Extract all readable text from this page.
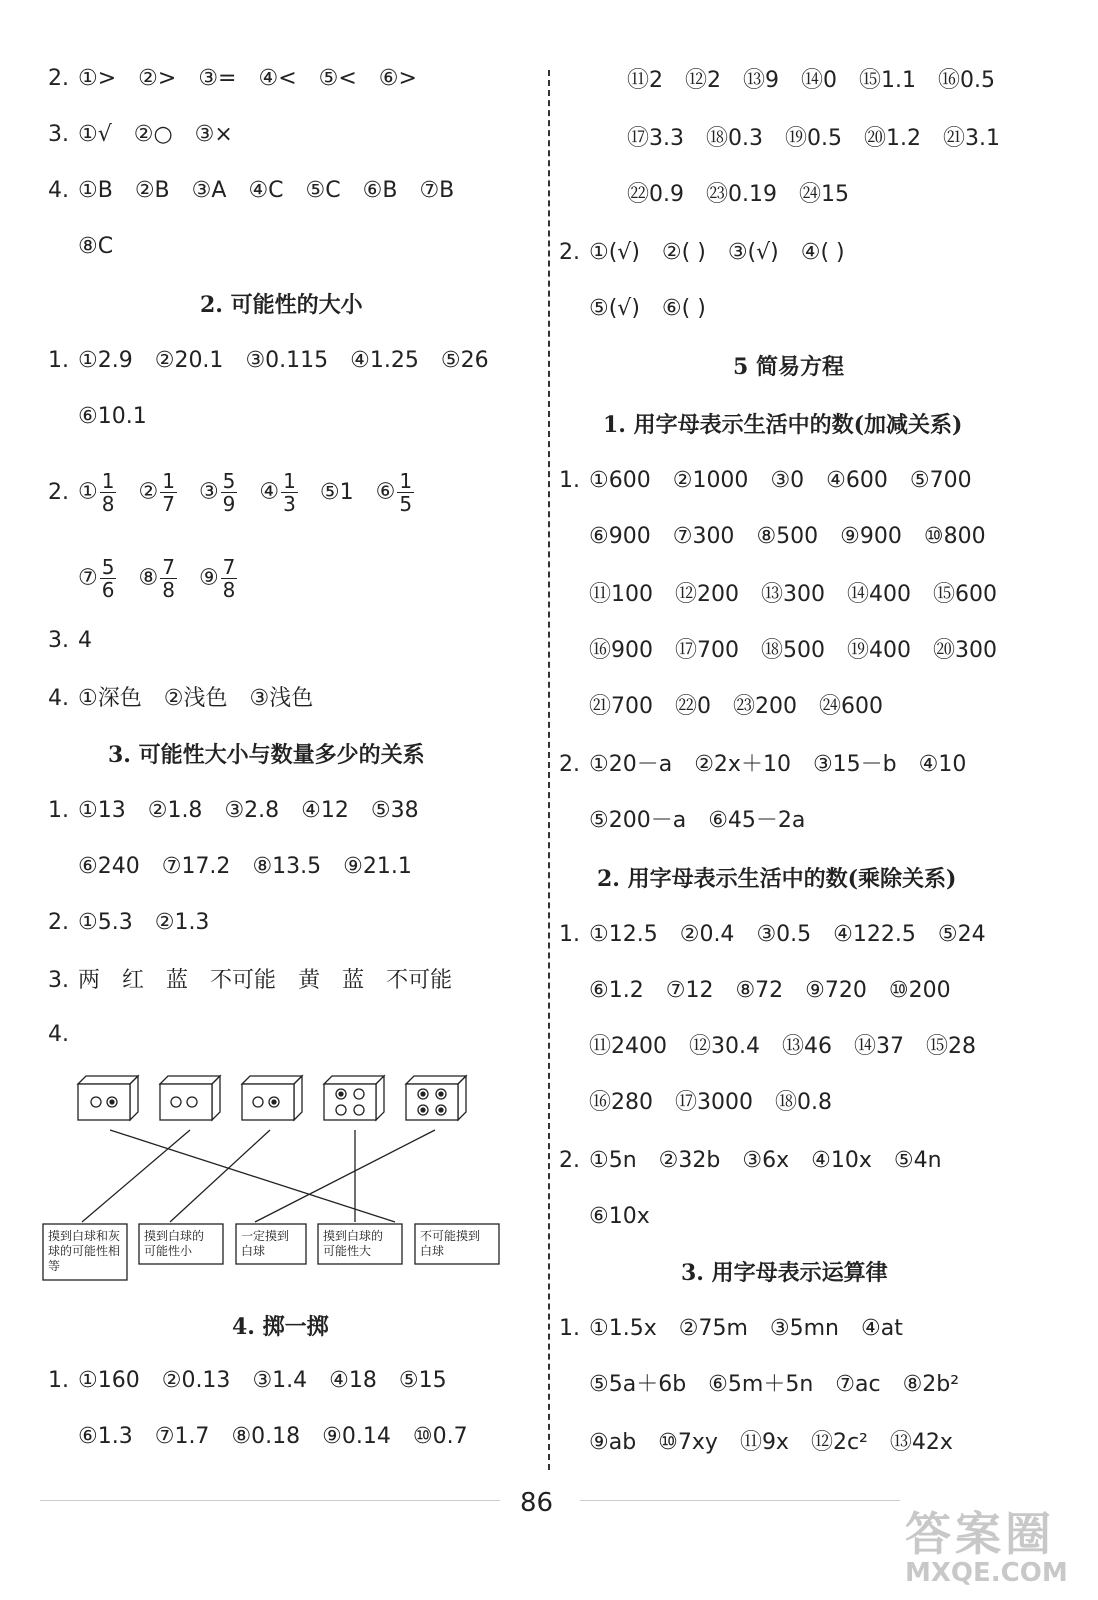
2. ①> ②> ③= ④< ⑤< ⑥>
3. ①√ ②○ ③×
4. ①B ②B ③A ④C ⑤C ⑥B ⑦B
⑧C
2. 可能性的大小
1. ①2.9 ②20.1 ③0.115 ④1.25 ⑤26
⑥10.1
2. ① $\frac{1}{8}$ ② $\frac{1}{7}$ ③ $\frac{5}{9}$ ④ $\frac{1}{3}$ ⑤1 ⑥ $\frac{1}{5}$
⑦ $\frac{5}{6}$ ⑧ $\frac{7}{8}$ ⑨ $\frac{7}{8}$
3. 4
4. ①深色 ②浅色 ③浅色
3. 可能性大小与数量多少的关系
1. ①13 ②1.8 ③2.8 ④12 ⑤38
⑥240 ⑦17.2 ⑧13.5 ⑨21.1
2. ①5.3 ②1.3
3. 两 红 蓝 不可能 黄 蓝 不可能
4.
摸到白球和灰球的可能性相等
摸到白球的可能性小
一定摸到白球
摸到白球的可能性大
不可能摸到白球
4. 掷一掷
1. ①160 ②0.13 ③1.4 ④18 ⑤15
⑥1.3 ⑦1.7 ⑧0.18 ⑨0.14 ⑩0.7
⑪2 ⑫2 ⑬9 ⑭0 ⑮1.1 ⑯0.5
⑰3.3 ⑱0.3 ⑲0.5 ⑳1.2 ㉑3.1
㉒0.9 ㉓0.19 ㉔15
2. ①(√) ②( ) ③(√) ④( )
⑤(√) ⑥( )
5 简易方程
1. 用字母表示生活中的数(加减关系)
1. ①600 ②1000 ③0 ④600 ⑤700
⑥900 ⑦300 ⑧500 ⑨900 ⑩800
⑪100 ⑫200 ⑬300 ⑭400 ⑮600
⑯900 ⑰700 ⑱500 ⑲400 ⑳300
㉑700 ㉒0 ㉓200 ㉔600
2. ①20－a ②2x＋10 ③15－b ④10
⑤200－a ⑥45－2a
2. 用字母表示生活中的数(乘除关系)
1. ①12.5 ②0.4 ③0.5 ④122.5 ⑤24
⑥1.2 ⑦12 ⑧72 ⑨720 ⑩200
⑪2400 ⑫30.4 ⑬46 ⑭37 ⑮28
⑯280 ⑰3000 ⑱0.8
2. ①5n ②32b ③6x ④10x ⑤4n
⑥10x
3. 用字母表示运算律
1. ①1.5x ②75m ③5mn ④at
⑤5a＋6b ⑥5m＋5n ⑦ac ⑧2b²
⑨ab ⑩7xy ⑪9x ⑫2c² ⑬42x
86
答案圈
MXQE.COM
